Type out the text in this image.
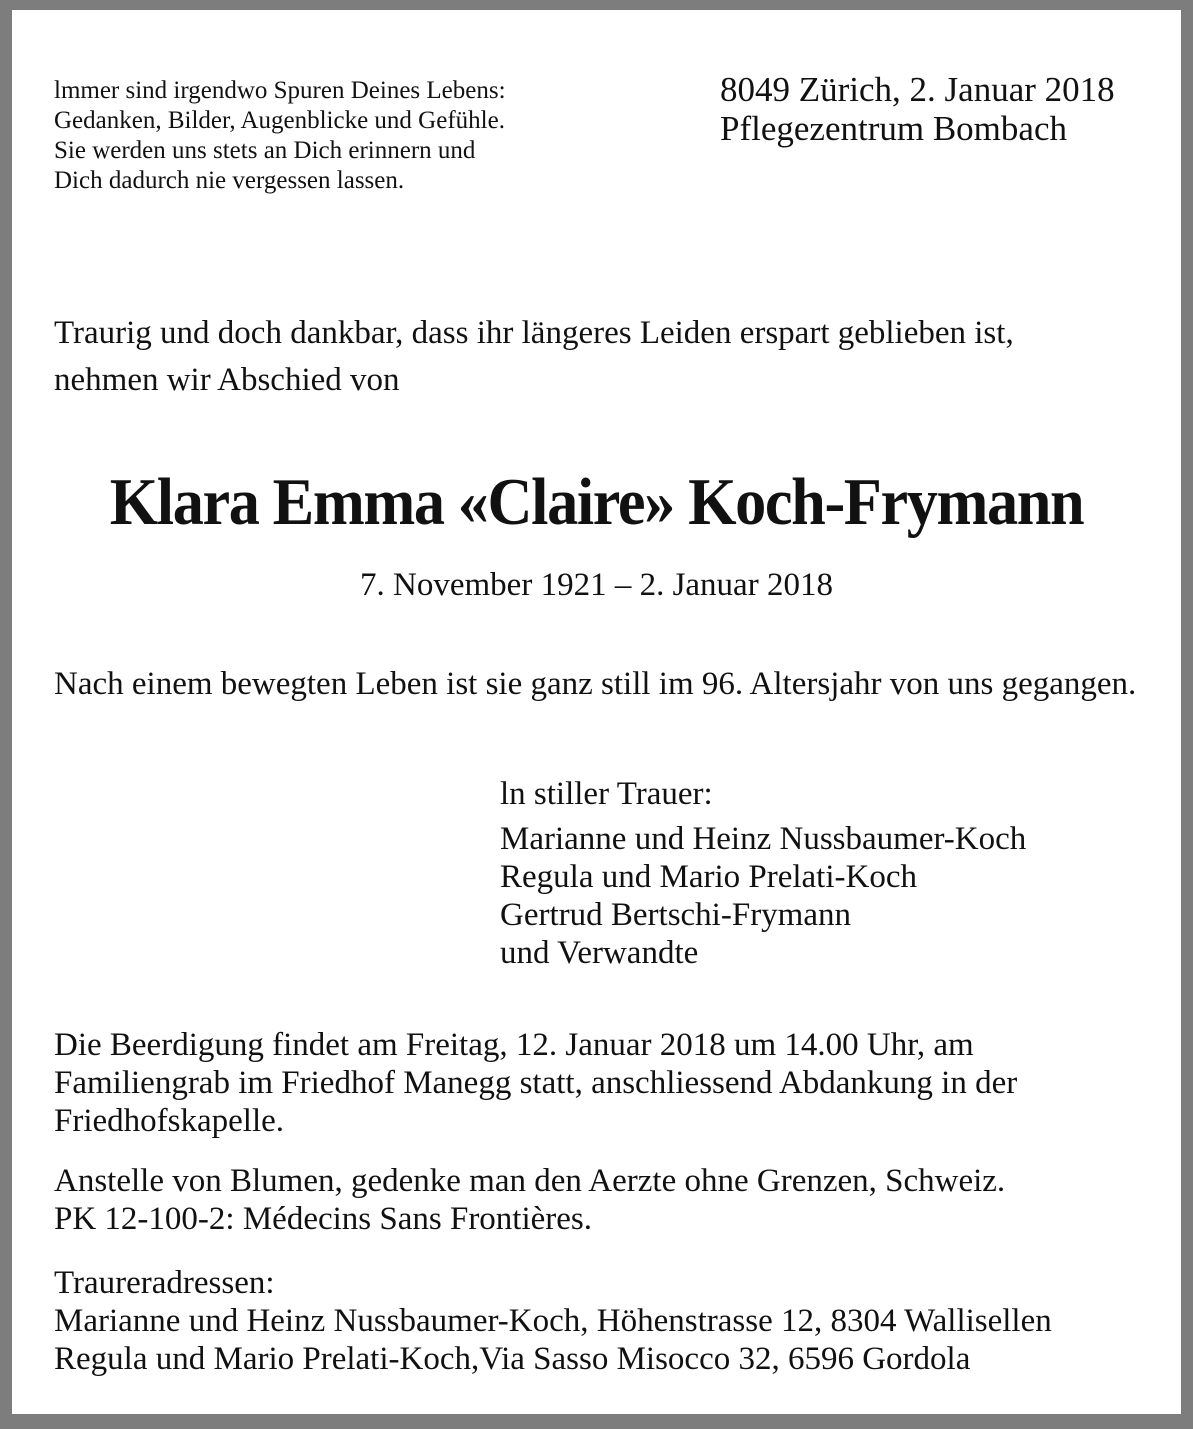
lmmer sind irgendwo Spuren Deines Lebens:
Gedanken, Bilder, Augenblicke und Gefühle.
Sie werden uns stets an Dich erinnern und
Dich dadurch nie vergessen lassen.
8049 Zürich, 2. Januar 2018
Pflegezentrum Bombach
Traurig und doch dankbar, dass ihr längeres Leiden erspart geblieben ist,
nehmen wir Abschied von
Klara Emma «Claire» Koch-Frymann
7. November 1921 – 2. Januar 2018
Nach einem bewegten Leben ist sie ganz still im 96. Altersjahr von uns gegangen.
ln stiller Trauer:
Marianne und Heinz Nussbaumer-Koch
Regula und Mario Prelati-Koch
Gertrud Bertschi-Frymann
und Verwandte
Die Beerdigung findet am Freitag, 12. Januar 2018 um 14.00 Uhr, am Familiengrab im Friedhof Manegg statt, anschliessend Abdankung in der Friedhofskapelle.
Anstelle von Blumen, gedenke man den Aerzte ohne Grenzen, Schweiz.
PK 12-100-2: Médecins Sans Frontières.
Traureradressen:
Marianne und Heinz Nussbaumer-Koch, Höhenstrasse 12, 8304 Wallisellen
Regula und Mario Prelati-Koch,Via Sasso Misocco 32, 6596 Gordola
